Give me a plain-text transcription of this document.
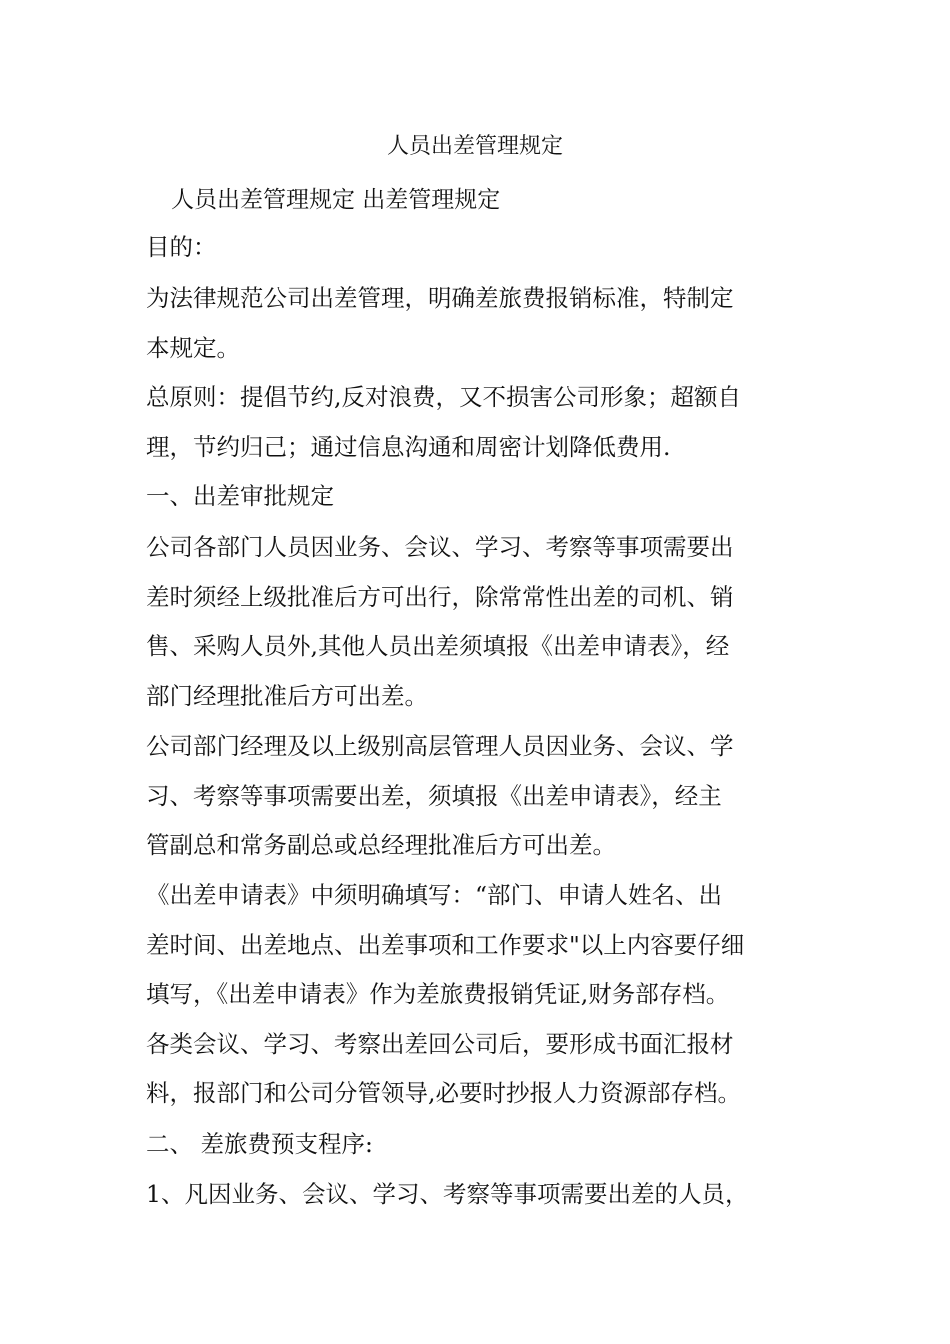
人员出差管理规定
人员出差管理规定 出差管理规定
目的：
为法律规范公司出差管理，明确差旅费报销标准，特制定
本规定。
总原则：提倡节约,反对浪费，又不损害公司形象；超额自
理，节约归己；通过信息沟通和周密计划降低费用.
一、出差审批规定
公司各部门人员因业务、会议、学习、考察等事项需要出
差时须经上级批准后方可出行，除常常性出差的司机、销
售、采购人员外,其他人员出差须填报《出差申请表》，经
部门经理批准后方可出差。
公司部门经理及以上级别高层管理人员因业务、会议、学
习、考察等事项需要出差，须填报《出差申请表》，经主
管副总和常务副总或总经理批准后方可出差。
《出差申请表》中须明确填写：“部门、申请人姓名、出
差时间、出差地点、出差事项和工作要求"以上内容要仔细
填写，《出差申请表》作为差旅费报销凭证,财务部存档。
各类会议、学习、考察出差回公司后，要形成书面汇报材
料，报部门和公司分管领导,必要时抄报人力资源部存档。
二、 差旅费预支程序:
1、凡因业务、会议、学习、考察等事项需要出差的人员，
